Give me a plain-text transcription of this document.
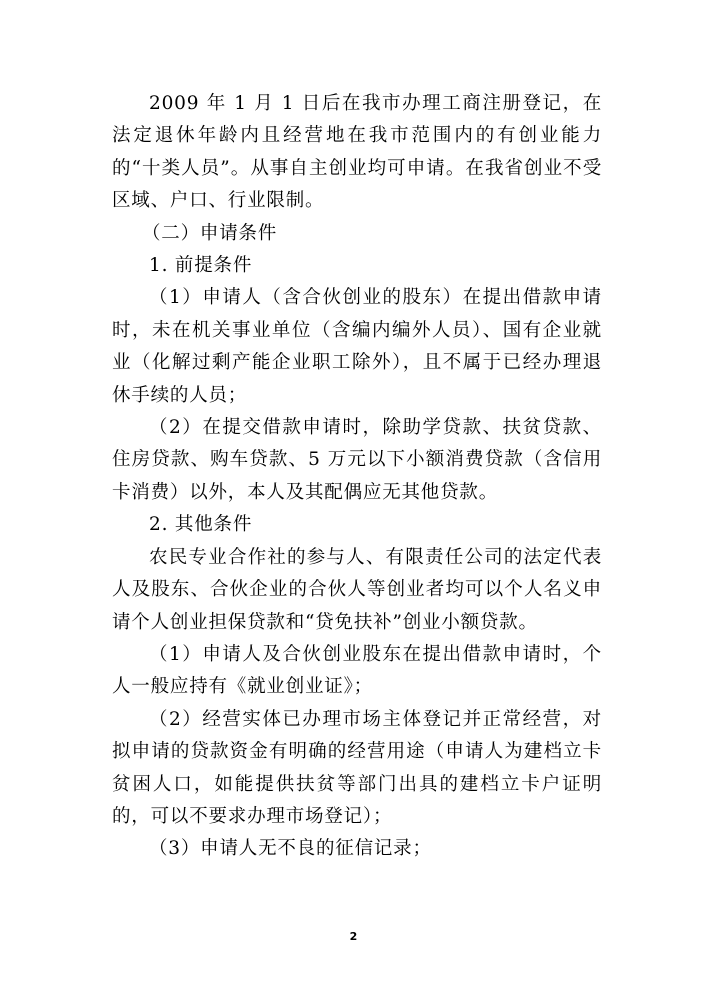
2009 年 1 月 1 日后在我市办理工商注册登记，在法定退休年龄内且经营地在我市范围内的有创业能力的“十类人员”。从事自主创业均可申请。在我省创业不受区域、户口、行业限制。

（二）申请条件

1. 前提条件

（1）申请人（含合伙创业的股东）在提出借款申请时，未在机关事业单位（含编内编外人员）、国有企业就业（化解过剩产能企业职工除外），且不属于已经办理退休手续的人员；

（2）在提交借款申请时，除助学贷款、扶贫贷款、住房贷款、购车贷款、5 万元以下小额消费贷款（含信用卡消费）以外，本人及其配偶应无其他贷款。

2. 其他条件

农民专业合作社的参与人、有限责任公司的法定代表人及股东、合伙企业的合伙人等创业者均可以个人名义申请个人创业担保贷款和“贷免扶补”创业小额贷款。

（1）申请人及合伙创业股东在提出借款申请时，个人一般应持有《就业创业证》；

（2）经营实体已办理市场主体登记并正常经营，对拟申请的贷款资金有明确的经营用途（申请人为建档立卡贫困人口，如能提供扶贫等部门出具的建档立卡户证明的，可以不要求办理市场登记）；

（3）申请人无不良的征信记录；

2
